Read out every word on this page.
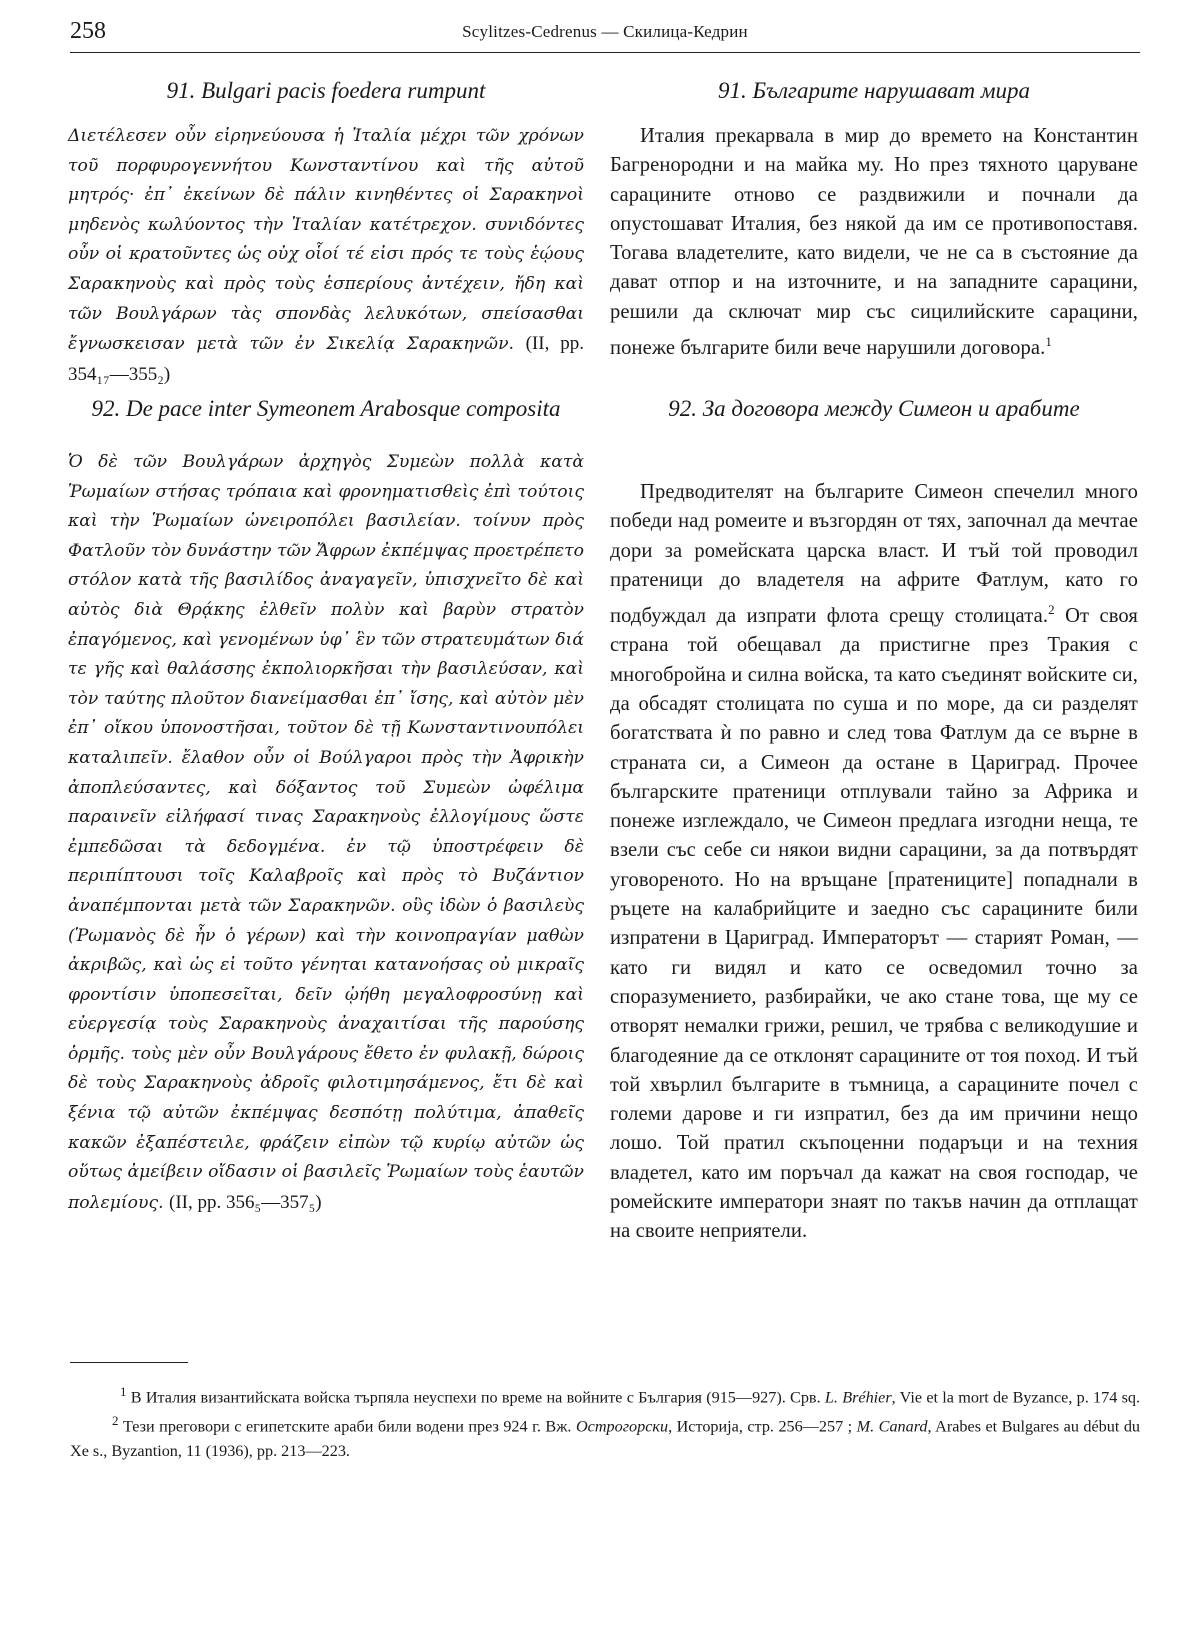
258	Scylitzes-Cedrenus — Скилица-Кедрин

91. Bulgari pacis foedera rumpunt

Διετέλεσεν οὖν εἰρηνεύουσα ἡ Ἰταλία μέχρι τῶν χρόνων τοῦ πορφυρογεννήτου Κωνσταντίνου καὶ τῆς αὐτοῦ μητρός· ἐπ᾿ ἐκείνων δὲ πάλιν κινηθέντες οἱ Σαρακηνοὶ μηδενὸς κωλύοντος τὴν Ἰταλίαν κατέτρεχον. συνιδόντες οὖν οἱ κρατοῦντες ὡς οὐχ οἷοί τέ εἰσι πρός τε τοὺς ἑῴους Σαρακηνοὺς καὶ πρὸς τοὺς ἑσπερίους ἀντέχειν, ἤδη καὶ τῶν Βουλγάρων τὰς σπονδὰς λελυκότων, σπείσασθαι ἔγνωσκεισαν μετὰ τῶν ἐν Σικελίᾳ Σαρακηνῶν. (II, pp. 354₁₇—355₂)

91. Българите нарушават мира

Италия прекарвала в мир до времето на Константин Багренородни и на майка му. Но през тяхното царуване сарацините отново се раздвижили и почнали да опустошават Италия, без някой да им се противопоставя. Тогава владетелите, като видели, че не са в състояние да дават отпор и на източните, и на западните сарацини, решили да сключат мир със сицилийските сарацини, понеже българите били вече нарушили договора.$^1$

92. De pace inter Symeonem Arabosque composita

Ὁ δὲ τῶν Βουλγάρων ἀρχηγὸς Συμεὼν πολλὰ κατὰ Ῥωμαίων στήσας τρόπαια καὶ φρονηματισθεὶς ἐπὶ τούτοις καὶ τὴν Ῥωμαίων ὠνειροπόλει βασιλείαν. τοίνυν πρὸς Φατλοῦν τὸν δυνάστην τῶν Ἄφρων ἐκπέμψας προετρέπετο στόλον κατὰ τῆς βασιλίδος ἀναγαγεῖν, ὑπισχνεῖτο δὲ καὶ αὐτὸς διὰ Θρᾴκης ἐλθεῖν πολὺν καὶ βαρὺν στρατὸν ἐπαγόμενος, καὶ γενομένων ὑφ᾿ ἓν τῶν στρατευμάτων διά τε γῆς καὶ θαλάσσης ἐκπολιορκῆσαι τὴν βασιλεύσαν, καὶ τὸν ταύτης πλοῦτον διανείμασθαι ἐπ᾿ ἴσης, καὶ αὐτὸν μὲν ἐπ᾿ οἴκου ὑπονοστῆσαι, τοῦτον δὲ τῇ Κωνσταντινουπόλει καταλιπεῖν. ἔλαθον οὖν οἱ Βούλγαροι πρὸς τὴν Ἀφρικὴν ἀποπλεύσαντες, καὶ δόξαντος τοῦ Συμεὼν ὠφέλιμα παραινεῖν εἰλήφασί τινας Σαρακηνοὺς ἐλλογίμους ὥστε ἐμπεδῶσαι τὰ δεδογμένα. ἐν τῷ ὑποστρέφειν δὲ περιπίπτουσι τοῖς Καλαβροῖς καὶ πρὸς τὸ Βυζάντιον ἀναπέμπονται μετὰ τῶν Σαρακηνῶν. οὓς ἰδὼν ὁ βασιλεὺς (Ῥωμανὸς δὲ ἦν ὁ γέρων) καὶ τὴν κοινοπραγίαν μαθὼν ἀκριβῶς, καὶ ὡς εἰ τοῦτο γένηται κατανοήσας οὐ μικραῖς φροντίσιν ὑποπεσεῖται, δεῖν ᾠήθη μεγαλοφροσύνῃ καὶ εὐεργεσίᾳ τοὺς Σαρακηνοὺς ἀναχαιτίσαι τῆς παρούσης ὁρμῆς. τοὺς μὲν οὖν Βουλγάρους ἔθετο ἐν φυλακῇ, δώροις δὲ τοὺς Σαρακηνοὺς ἀδροῖς φιλοτιμησάμενος, ἔτι δὲ καὶ ξένια τῷ αὐτῶν ἐκπέμψας δεσπότῃ πολύτιμα, ἀπαθεῖς κακῶν ἐξαπέστειλε, φράζειν εἰπὼν τῷ κυρίῳ αὐτῶν ὡς οὕτως ἀμείβειν οἴδασιν οἱ βασιλεῖς Ῥωμαίων τοὺς ἑαυτῶν πολεμίους. (II, pp. 356₅—357₅)

92. За договора между Симеон и арабите

Предводителят на българите Симеон спечелил много победи над ромеите и възгордян от тях, започнал да мечтае дори за ромейската царска власт. И тъй той проводил пратеници до владетеля на африте Фатлум, като го подбуждал да изпрати флота срещу столицата.$^2$ От своя страна той обещавал да пристигне през Тракия с многобройна и силна войска, та като съединят войските си, да обсадят столицата по суша и по море, да си разделят богатствата ѝ по равно и след това Фатлум да се върне в страната си, а Симеон да остане в Цариград. Прочее българските пратеници отплували тайно за Африка и понеже изглеждало, че Симеон предлага изгодни неща, те взели със себе си някои видни сарацини, за да потвърдят уговореното. Но на връщане [пратениците] попаднали в ръцете на калабрийците и заедно със сарацините били изпратени в Цариград. Императорът — старият Роман, — като ги видял и като се осведомил точно за споразумението, разбирайки, че ако стане това, ще му се отворят немалки грижи, решил, че трябва с великодушие и благодеяние да се отклонят сарацините от тоя поход. И тъй той хвърлил българите в тъмница, а сарацините почел с големи дарове и ги изпратил, без да им причини нещо лошо. Той пратил скъпоценни подаръци и на техния владетел, като им поръчал да кажат на своя господар, че ромейските императори знаят по такъв начин да отплащат на своите неприятели.

$^1$ В Италия византийската войска търпяла неуспехи по време на войните с България (915—927). Срв. L. Bréhier, Vie et la mort de Byzance, p. 174 sq.$^2$ Тези преговори с египетските араби били водени през 924 г. Вж. Острогорски, Историја, стр. 256—257 ; M. Canard, Arabes et Bulgares au début du Xe s., Byzantion, 11 (1936), pp. 213—223.
